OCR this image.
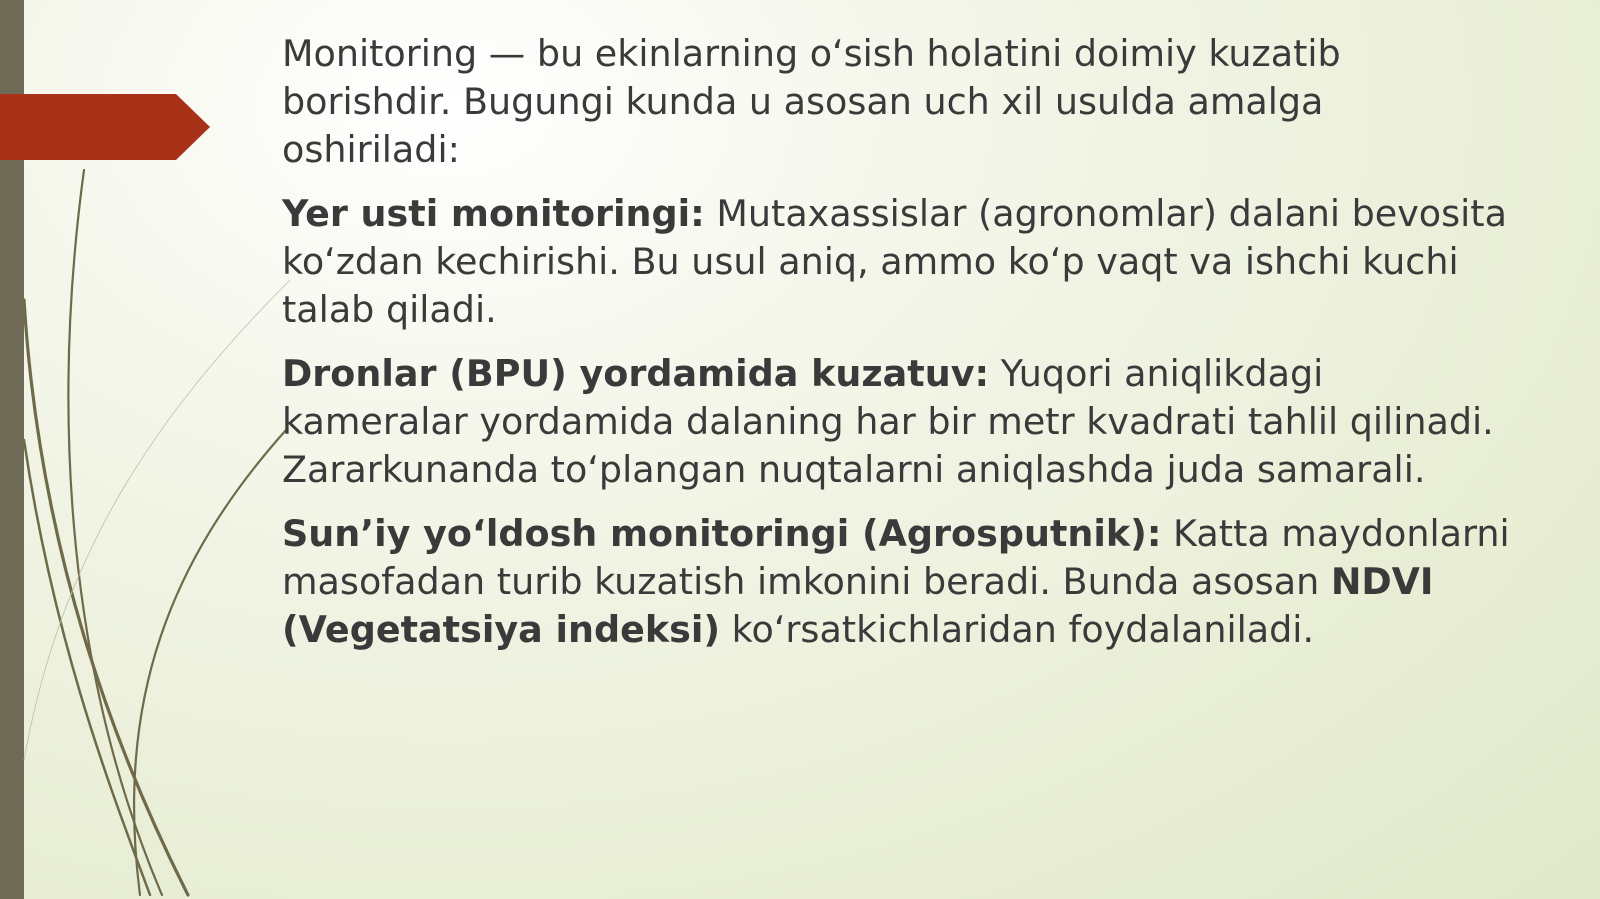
Monitoring — bu ekinlarning oʻsish holatini doimiy kuzatib borishdir. Bugungi kunda u asosan uch xil usulda amalga oshiriladi:

Yer usti monitoringi: Mutaxassislar (agronomlar) dalani bevosita koʻzdan kechirishi. Bu usul aniq, ammo koʻp vaqt va ishchi kuchi talab qiladi.

Dronlar (BPU) yordamida kuzatuv: Yuqori aniqlikdagi kameralar yordamida dalaning har bir metr kvadrati tahlil qilinadi. Zararkunanda toʻplangan nuqtalarni aniqlashda juda samarali.

Sunʼiy yoʻldosh monitoringi (Agrosputnik): Katta maydonlarni masofadan turib kuzatish imkonini beradi. Bunda asosan NDVI (Vegetatsiya indeksi) koʻrsatkichlaridan foydalaniladi.
